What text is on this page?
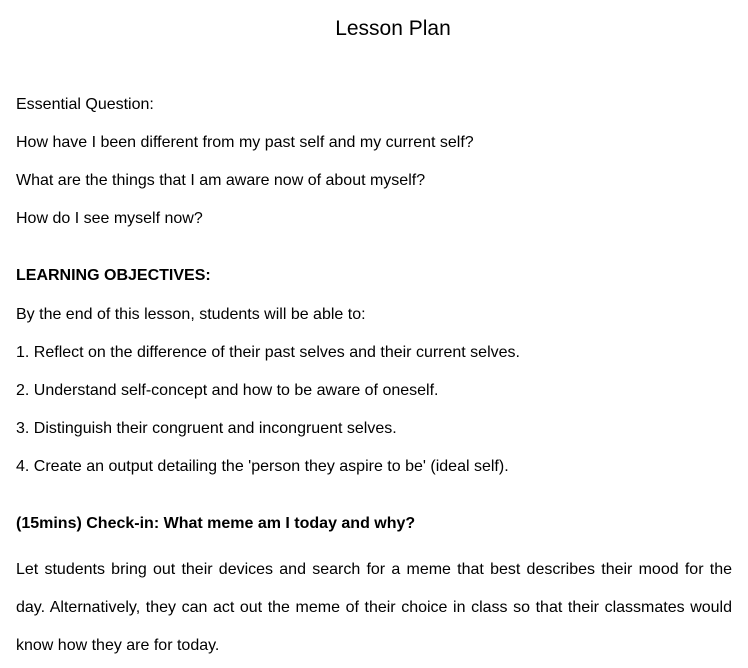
Lesson Plan
Essential Question:
How have I been different from my past self and my current self?
What are the things that I am aware now of about myself?
How do I see myself now?
LEARNING OBJECTIVES:
By the end of this lesson, students will be able to:
1. Reflect on the difference of their past selves and their current selves.
2. Understand self-concept and how to be aware of oneself.
3. Distinguish their congruent and incongruent selves.
4. Create an output detailing the 'person they aspire to be' (ideal self).
(15mins) Check-in: What meme am I today and why?
Let students bring out their devices and search for a meme that best describes their mood for the day. Alternatively, they can act out the meme of their choice in class so that their classmates would know how they are for today.
